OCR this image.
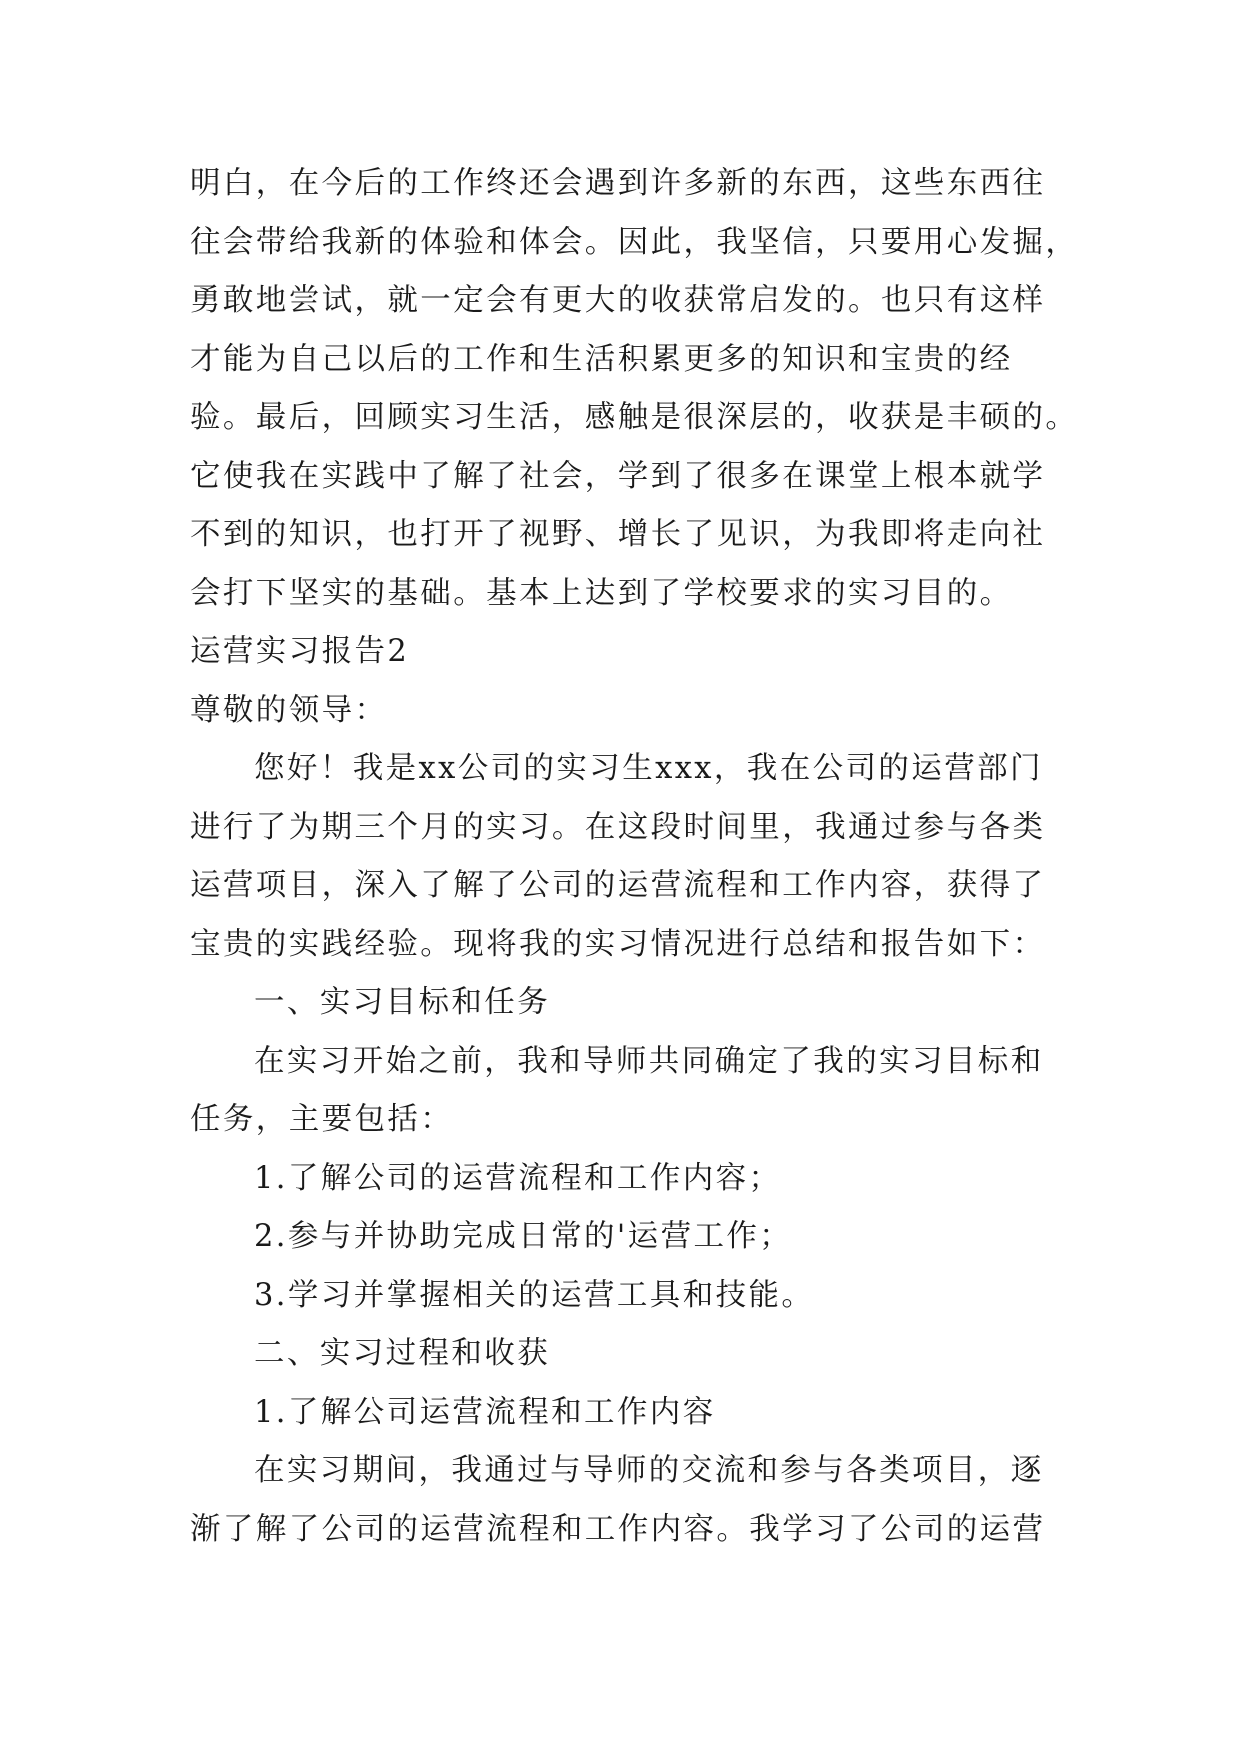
明白，在今后的工作终还会遇到许多新的东西，这些东西往
往会带给我新的体验和体会。因此，我坚信，只要用心发掘，
勇敢地尝试，就一定会有更大的收获常启发的。也只有这样
才能为自己以后的工作和生活积累更多的知识和宝贵的经
验。最后，回顾实习生活，感触是很深层的，收获是丰硕的。
它使我在实践中了解了社会，学到了很多在课堂上根本就学
不到的知识，也打开了视野、增长了见识，为我即将走向社
会打下坚实的基础。基本上达到了学校要求的实习目的。
运营实习报告2
尊敬的领导：
您好！我是xx公司的实习生xxx，我在公司的运营部门
进行了为期三个月的实习。在这段时间里，我通过参与各类
运营项目，深入了解了公司的运营流程和工作内容，获得了
宝贵的实践经验。现将我的实习情况进行总结和报告如下：
一、实习目标和任务
在实习开始之前，我和导师共同确定了我的实习目标和
任务，主要包括：
1.了解公司的运营流程和工作内容；
2.参与并协助完成日常的'运营工作；
3.学习并掌握相关的运营工具和技能。
二、实习过程和收获
1.了解公司运营流程和工作内容
在实习期间，我通过与导师的交流和参与各类项目，逐
渐了解了公司的运营流程和工作内容。我学习了公司的运营
